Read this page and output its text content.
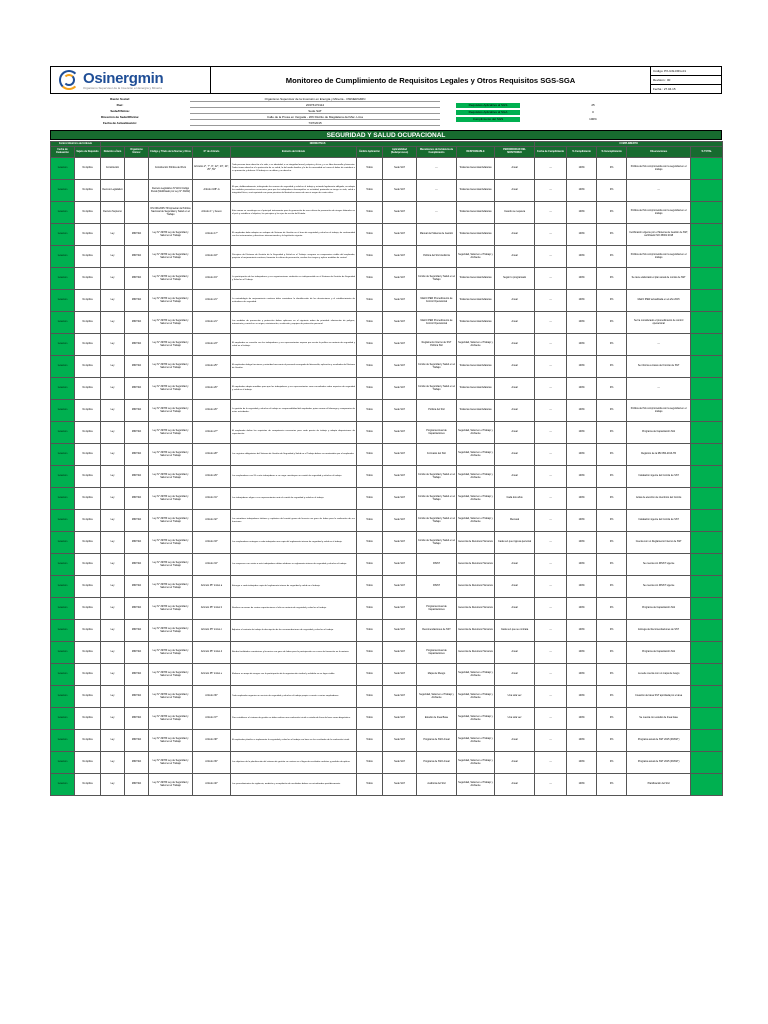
Osinergmin
Organismo Supervisor de la Inversión en Energía y Minería
Monitoreo de Cumplimiento de Requisitos Legales y Otros Requisitos SGS-SGA
Código: PX-GSI-FRG-01
Revisión : 00
Fecha : 27.04.15
Razón Social:	Organismo Supervisor de la Inversión en Energía y Minería - OSINERGMIN
Ruc:	20376170114
Sede/Oficina:	Sede SAT
Dirección de Sede/Oficina:	Calle de la Prosa en Vergada - 206 Distrito de Magdalena del Mar- Lima
Fecha de Actualización:	7/07/2015
Requisitos Aplicables al SGS	25
Requisitos Aplicables al SGA	0
Cumplimiento del SGS	100%
SEGURIDAD Y SALUD OCUPACIONAL
Control Histórico del Artículo		NORMATIVAS										CUMPLIMIENTO				
Fecha de Evaluación	Sujeto de Requisito	Relación a Ítem	Organismo Emisor	Código y Título de la Norma y Otros	N° de Artículo	Extracto del Artículo	Ámbito Aplicación	Aplicabilidad (Sede/proceso)	Mecanismos de Evidencia de Cumplimiento	RESPONSABLE	PERIODICIDAD DEL MONITOREO	Fecha de Cumplimiento	% Cumplimiento	% Incumplimiento	Observaciones	% TOTAL
15/06/2015	No Aplica	Constitución		Constitución Política del Perú	Artículos 2°, 7°, 9°, 22°, 23°, 24°, 25°, 59°	Toda persona tiene derecho a la vida, a su identidad, a su integridad moral, psíquica y física, y a su libre desarrollo y bienestar. Todos tienen derecho a la protección de su salud, la del medio familiar y la de la comunidad así como el deber de contribuir a su promoción y defensa. El trabajo es un deber y un derecho.	Todos	Sede SAT	---	Todas las Gerencias/Jefaturas	Anual	---	100%	0%	Política del SG comprometida con la seguridad en el trabajo	
15/06/2015	No Aplica	Decreto Legislativo		Decreto Legislativo N°1101 Código Penal (Modificado por Ley N° 30222)	Artículo 168°-A	El que, deliberadamente, infringiendo las normas de seguridad y salud en el trabajo y estando legalmente obligado, no adopte las medidas preventivas necesarias para que los trabajadores desempeñen su actividad, poniendo en riesgo su vida, salud o integridad física, será reprimido con pena privativa de libertad no menor de uno ni mayor de cuatro años.	Todos	Sede SAT	---	Todas las Gerencias/Jefaturas	Anual	---	100%	0%	---	
15/06/2015	No Aplica	Decreto Supremo		DS 009-2005-TR Aprueban la Política Nacional de Seguridad y Salud en el Trabajo	Artículo 1° y Anexo	Esta norma se constituye en el principal instrumento para la generación de una cultura de prevención de riesgos laborales en el país y establece el objetivo, los principios y los ejes de acción del Estado.	Todos	Sede SAT	---	Todas las Gerencias/Jefaturas	Cuando se requiera	---	100%	0%	Política del SG comprometida con la seguridad en el trabajo	
15/06/2015	No Aplica	Ley	MINTRA	Ley N° 29783 Ley de Seguridad y Salud en el Trabajo	Artículo 17°	El empleador debe adoptar un enfoque de Sistema de Gestión en el área de seguridad y salud en el trabajo, de conformidad con los instrumentos y directrices internacionales y la legislación vigente.	Todos	Sede SAT	Manual del Sistema de Gestión	Todas las Gerencias/Jefaturas	Anual	---	100%	0%	Certificación vigente por el Sistema de Gestión de SST, certificado ISO 45001:2018	
15/06/2015	No Aplica	Ley	MINTRA	Ley N° 29783 Ley de Seguridad y Salud en el Trabajo	Artículo 18°	Principios del Sistema de Gestión de la Seguridad y Salud en el Trabajo: asegurar un compromiso visible del empleador, propiciar el mejoramiento continuo, fomentar la cultura de prevención, evaluar los riesgos y aplicar medidas de control.	Todos	Sede SAT	Política del SGI Auditoría	Seguridad, Salud en el Trabajo y Ambiente	Anual	---	100%	0%	Política del SG comprometida con la seguridad en el trabajo	
15/06/2015	No Aplica	Ley	MINTRA	Ley N° 29783 Ley de Seguridad y Salud en el Trabajo	Artículo 19°	La participación de los trabajadores y sus organizaciones sindicales es indispensable en el Sistema de Gestión de Seguridad y Salud en el Trabajo.	Todos	Sede SAT	Comité de Seguridad y Salud en el Trabajo	Todas las Gerencias/Jefaturas	Según lo programado	---	100%	0%	Se tiene elaborado el plan anual de comité de SST	
15/06/2015	No Aplica	Ley	MINTRA	Ley N° 29783 Ley de Seguridad y Salud en el Trabajo	Artículo 21°	La metodología de mejoramiento continuo debe considerar la identificación de las desviaciones y el establecimiento de estándares de seguridad.	Todos	Sede SAT	Matriz IPER Procedimiento de Control Operacional	Todas las Gerencias/Jefaturas	Anual	---	100%	0%	Matriz IPER actualizada en el año 2015	
15/06/2015	No Aplica	Ley	MINTRA	Ley N° 29783 Ley de Seguridad y Salud en el Trabajo	Artículo 21°	Las medidas de prevención y protección deben aplicarse en el siguiente orden de prioridad: eliminación de peligros, tratamiento y control en su origen, minimización, sustitución y equipos de protección personal.	Todos	Sede SAT	Matriz IPER Procedimiento de Control Operacional	Todas las Gerencias/Jefaturas	Anual	---	100%	0%	Se ha considerado el procedimiento de control operacional	
15/06/2015	No Aplica	Ley	MINTRA	Ley N° 29783 Ley de Seguridad y Salud en el Trabajo	Artículo 23°	El empleador en consulta con los trabajadores y sus representantes expone por escrito la política en materia de seguridad y salud en el trabajo.	Todos	Sede SAT	Reglamento Interno de SST Política SGI	Seguridad, Salud en el Trabajo y Ambiente	Anual	---	100%	0%	---	
15/06/2015	No Aplica	Ley	MINTRA	Ley N° 29783 Ley de Seguridad y Salud en el Trabajo	Artículo 25°	El empleador delega funciones y autoridad necesaria al personal encargado del desarrollo, aplicación y resultados del Sistema de Gestión.	Todos	Sede SAT	Comité de Seguridad y Salud en el Trabajo	Todas las Gerencias/Jefaturas	Anual	---	100%	0%	Se informa a través del Comité de SST	
15/06/2015	No Aplica	Ley	MINTRA	Ley N° 29783 Ley de Seguridad y Salud en el Trabajo	Artículo 26°	El empleador adopta medidas para que los trabajadores y sus representantes sean consultados sobre aspectos de seguridad y salud en el trabajo.	Todos	Sede SAT	Comité de Seguridad y Salud en el Trabajo	Todas las Gerencias/Jefaturas	Anual	---	100%	0%	---	
15/06/2015	No Aplica	Ley	MINTRA	Ley N° 29783 Ley de Seguridad y Salud en el Trabajo	Artículo 26°	La gestión de la seguridad y salud en el trabajo es responsabilidad del empleador, quien asume el liderazgo y compromiso de estas actividades.	Todos	Sede SAT	Política del SGI	Todas las Gerencias/Jefaturas	Anual	---	100%	0%	Política del SG comprometida con la seguridad en el trabajo	
15/06/2015	No Aplica	Ley	MINTRA	Ley N° 29783 Ley de Seguridad y Salud en el Trabajo	Artículo 27°	El empleador define los requisitos de competencia necesarios para cada puesto de trabajo y adopta disposiciones de capacitación.	Todos	Sede SAT	Programa Anual de Capacitaciones	Seguridad, Salud en el Trabajo y Ambiente	Anual	---	100%	0%	Programa de Capacitación SGI	
15/06/2015	No Aplica	Ley	MINTRA	Ley N° 29783 Ley de Seguridad y Salud en el Trabajo	Artículo 28°	Los registros obligatorios del Sistema de Gestión de Seguridad y Salud en el Trabajo deben ser mantenidos por el empleador.	Todos	Sede SAT	Formatos del SGI	Seguridad, Salud en el Trabajo y Ambiente	Anual	---	100%	0%	Registros de la RM 050-2013-TR	
15/06/2015	No Aplica	Ley	MINTRA	Ley N° 29783 Ley de Seguridad y Salud en el Trabajo	Artículo 29°	Los empleadores con 20 o más trabajadores a su cargo constituyen un comité de seguridad y salud en el trabajo.	Todos	Sede SAT	Comité de Seguridad y Salud en el Trabajo	Seguridad, Salud en el Trabajo y Ambiente	Anual	---	100%	0%	Instalación vigente del Comité de SST	
15/06/2015	No Aplica	Ley	MINTRA	Ley N° 29783 Ley de Seguridad y Salud en el Trabajo	Artículo 31°	Los trabajadores eligen a sus representantes ante el comité de seguridad y salud en el trabajo.	Todos	Sede SAT	Comité de Seguridad y Salud en el Trabajo	Seguridad, Salud en el Trabajo y Ambiente	Cada dos años	---	100%	0%	Actas de elección de miembros del Comité	
15/06/2015	No Aplica	Ley	MINTRA	Ley N° 29783 Ley de Seguridad y Salud en el Trabajo	Artículo 32°	Los miembros trabajadores titulares y suplentes del comité gozan de licencia con goce de haber para la realización de sus funciones.	Todos	Sede SAT	Comité de Seguridad y Salud en el Trabajo	Seguridad, Salud en el Trabajo y Ambiente	Mensual	---	100%	0%	Instalación vigente del Comité de SST	
15/06/2015	No Aplica	Ley	MINTRA	Ley N° 29783 Ley de Seguridad y Salud en el Trabajo	Artículo 33°	Los empleadores entregan a cada trabajador una copia del reglamento interno de seguridad y salud en el trabajo.	Todos	Sede SAT	Comité de Seguridad y Salud en el Trabajo	Gerencia de Recursos Humanos	Cada vez que ingresa personal	---	100%	0%	Cuenta con un Reglamento Interno de SST	
15/06/2015	No Aplica	Ley	MINTRA	Ley N° 29783 Ley de Seguridad y Salud en el Trabajo	Artículo 34°	Las empresas con veinte o más trabajadores deben elaborar su reglamento interno de seguridad y salud en el trabajo.	Todos	Sede SAT	RISST	Gerencia de Recursos Humanos	Anual	---	100%	0%	Se cuenta con RISST vigente	
15/06/2015	No Aplica	Ley	MINTRA	Ley N° 29783 Ley de Seguridad y Salud en el Trabajo	Artículo 35° inciso a	Entregar a cada trabajador copia del reglamento interno de seguridad y salud en el trabajo.	Todos	Sede SAT	RISST	Gerencia de Recursos Humanos	Anual	---	100%	0%	Se cuenta con RISST vigente	
15/06/2015	No Aplica	Ley	MINTRA	Ley N° 29783 Ley de Seguridad y Salud en el Trabajo	Artículo 35° inciso b	Realizar no menos de cuatro capacitaciones al año en materia de seguridad y salud en el trabajo.	Todos	Sede SAT	Programa Anual de Capacitaciones	Gerencia de Recursos Humanos	Anual	---	100%	0%	Programa de Capacitación SGI	
15/06/2015	No Aplica	Ley	MINTRA	Ley N° 29783 Ley de Seguridad y Salud en el Trabajo	Artículo 35° inciso c	Adjuntar al contrato de trabajo la descripción de las recomendaciones de seguridad y salud en el trabajo.	Todos	Sede SAT	Recomendaciones de SST	Gerencia de Recursos Humanos	Cada vez que se contrata	---	100%	0%	Entrega de Recomendaciones de SST	
15/06/2015	No Aplica	Ley	MINTRA	Ley N° 29783 Ley de Seguridad y Salud en el Trabajo	Artículo 35° inciso d	Brindar facilidades económicas y licencias con goce de haber para la participación en cursos de formación en la materia.	Todos	Sede SAT	Programa Anual de Capacitaciones	Gerencia de Recursos Humanos	Anual	---	100%	0%	Programa de Capacitación SGI	
15/06/2015	No Aplica	Ley	MINTRA	Ley N° 29783 Ley de Seguridad y Salud en el Trabajo	Artículo 35° inciso e	Elaborar un mapa de riesgos con la participación de la organización sindical y exhibirlo en un lugar visible.	Todos	Sede SAT	Mapa de Riesgo	Seguridad, Salud en el Trabajo y Ambiente	Anual	---	100%	0%	La sede cuenta con un mapa de riesgo	
15/06/2015	No Aplica	Ley	MINTRA	Ley N° 29783 Ley de Seguridad y Salud en el Trabajo	Artículo 36°	Todo empleador organiza un servicio de seguridad y salud en el trabajo propio o común a varios empleadores.	Todos	Sede SAT	Seguridad, Salud en el Trabajo y Ambiente	Seguridad, Salud en el Trabajo y Ambiente	Una sola vez	---	100%	0%	Creación del área SST aprobada por el área	
15/06/2015	No Aplica	Ley	MINTRA	Ley N° 29783 Ley de Seguridad y Salud en el Trabajo	Artículo 37°	Para establecer el sistema de gestión se debe realizar una evaluación inicial o estudio de línea de base como diagnóstico.	Todos	Sede SAT	Estudio de línea Base	Seguridad, Salud en el Trabajo y Ambiente	Una sola vez	---	100%	0%	Se cuenta con estudio de línea base	
15/06/2015	No Aplica	Ley	MINTRA	Ley N° 29783 Ley de Seguridad y Salud en el Trabajo	Artículo 38°	El empleador planifica e implementa la seguridad y salud en el trabajo con base en los resultados de la evaluación inicial.	Todos	Sede SAT	Programa de SSO Anual	Seguridad, Salud en el Trabajo y Ambiente	Anual	---	100%	0%	Programa anual de SST 2015 (PASST)	
15/06/2015	No Aplica	Ley	MINTRA	Ley N° 29783 Ley de Seguridad y Salud en el Trabajo	Artículo 39°	Los objetivos de la planificación del sistema de gestión se centran en el logro de resultados realistas y posibles de aplicar.	Todos	Sede SAT	Programa de SSO Anual	Seguridad, Salud en el Trabajo y Ambiente	Anual	---	100%	0%	Programa anual de SST 2015 (PASST)	
15/06/2015	No Aplica	Ley	MINTRA	Ley N° 29783 Ley de Seguridad y Salud en el Trabajo	Artículo 40°	Los procedimientos de vigilancia, medición y recopilación de resultados deben ser actualizados periódicamente.	Todos	Sede SAT	Auditoría del SGI	Seguridad, Salud en el Trabajo y Ambiente	Anual	---	100%	0%	Planificación del SGI	
